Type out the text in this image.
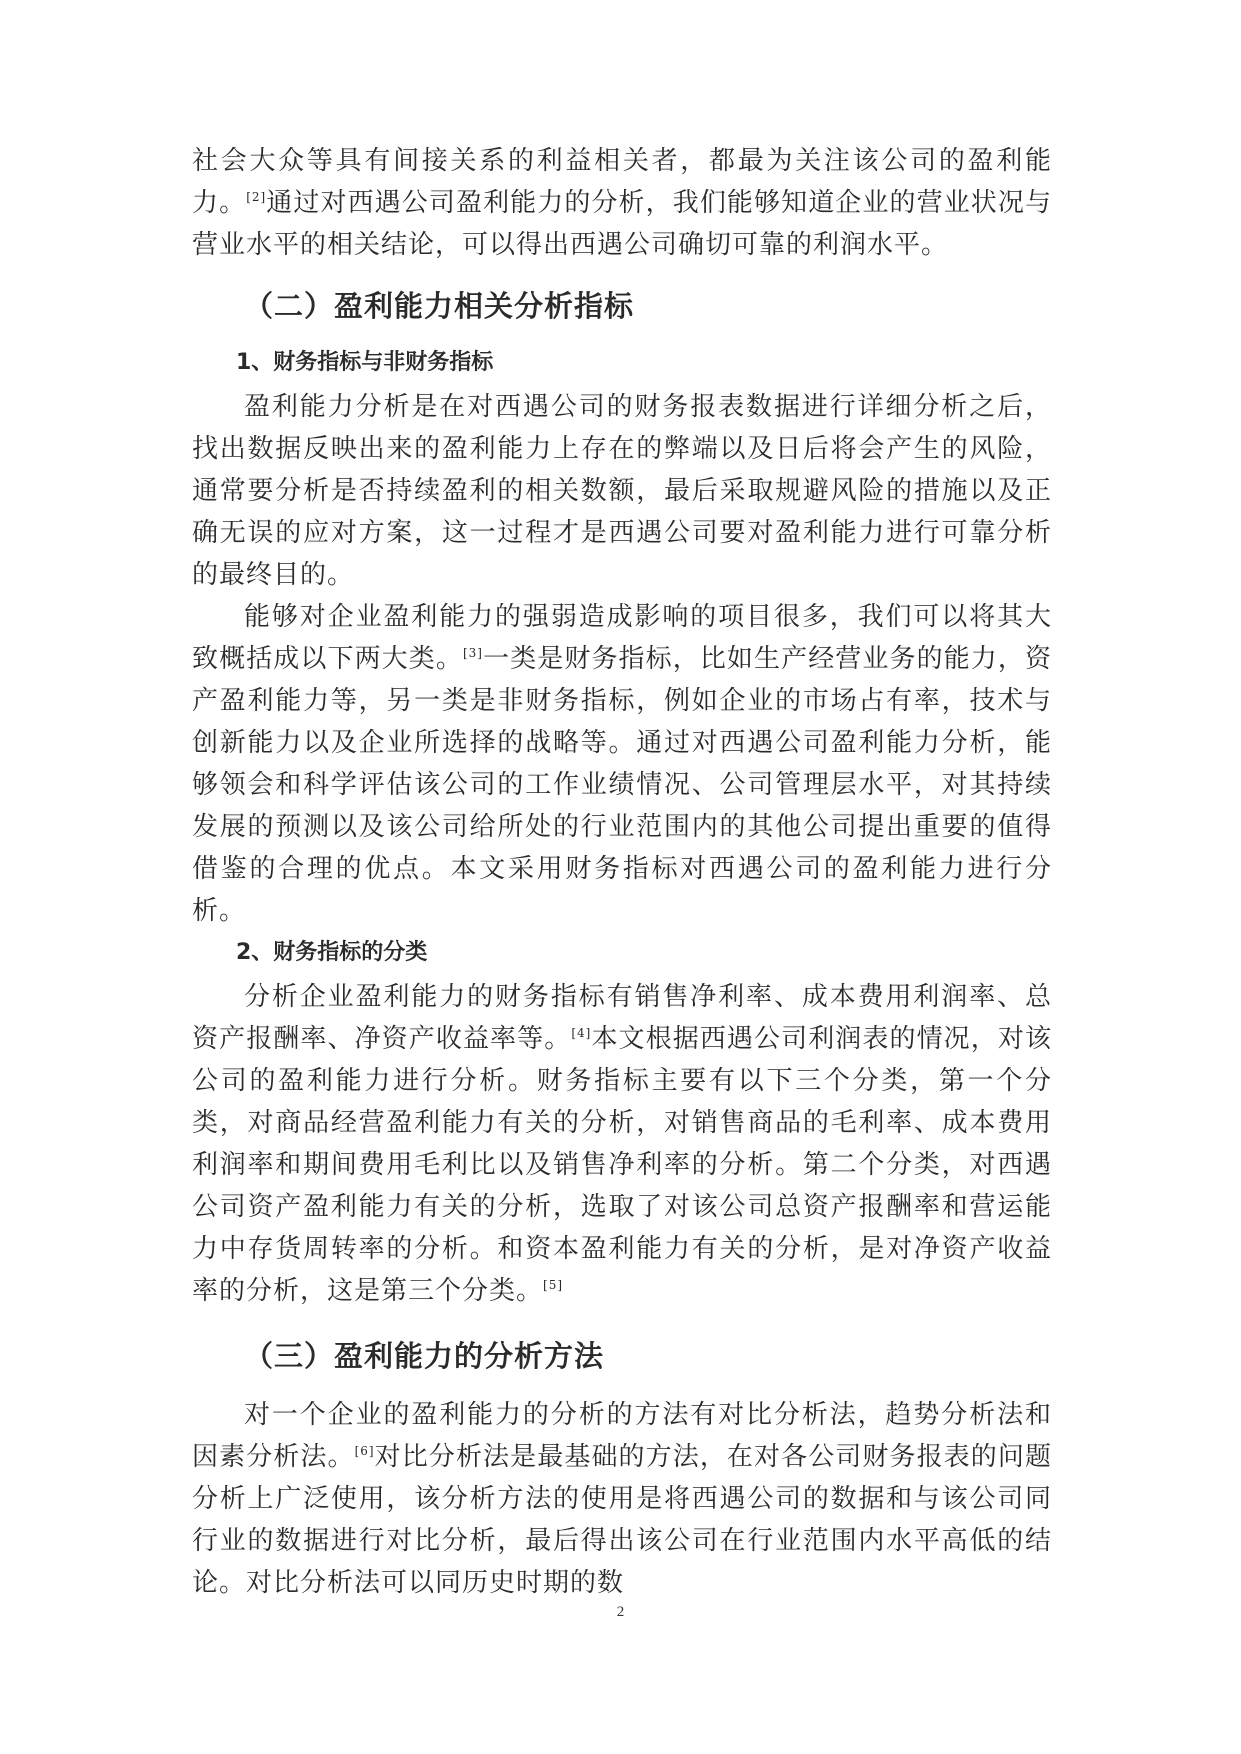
社会大众等具有间接关系的利益相关者，都最为关注该公司的盈利能力。[2]通过对西遇公司盈利能力的分析，我们能够知道企业的营业状况与营业水平的相关结论，可以得出西遇公司确切可靠的利润水平。

（二）盈利能力相关分析指标
1、财务指标与非财务指标

盈利能力分析是在对西遇公司的财务报表数据进行详细分析之后，找出数据反映出来的盈利能力上存在的弊端以及日后将会产生的风险，通常要分析是否持续盈利的相关数额，最后采取规避风险的措施以及正确无误的应对方案，这一过程才是西遇公司要对盈利能力进行可靠分析的最终目的。

能够对企业盈利能力的强弱造成影响的项目很多，我们可以将其大致概括成以下两大类。[3]一类是财务指标，比如生产经营业务的能力，资产盈利能力等，另一类是非财务指标，例如企业的市场占有率，技术与创新能力以及企业所选择的战略等。通过对西遇公司盈利能力分析，能够领会和科学评估该公司的工作业绩情况、公司管理层水平，对其持续发展的预测以及该公司给所处的行业范围内的其他公司提出重要的值得借鉴的合理的优点。本文采用财务指标对西遇公司的盈利能力进行分析。

2、财务指标的分类

分析企业盈利能力的财务指标有销售净利率、成本费用利润率、总资产报酬率、净资产收益率等。[4]本文根据西遇公司利润表的情况，对该公司的盈利能力进行分析。财务指标主要有以下三个分类，第一个分类，对商品经营盈利能力有关的分析，对销售商品的毛利率、成本费用利润率和期间费用毛利比以及销售净利率的分析。第二个分类，对西遇公司资产盈利能力有关的分析，选取了对该公司总资产报酬率和营运能力中存货周转率的分析。和资本盈利能力有关的分析，是对净资产收益率的分析，这是第三个分类。[5]

（三）盈利能力的分析方法

对一个企业的盈利能力的分析的方法有对比分析法，趋势分析法和因素分析法。[6]对比分析法是最基础的方法，在对各公司财务报表的问题分析上广泛使用，该分析方法的使用是将西遇公司的数据和与该公司同行业的数据进行对比分析，最后得出该公司在行业范围内水平高低的结论。对比分析法可以同历史时期的数

2
